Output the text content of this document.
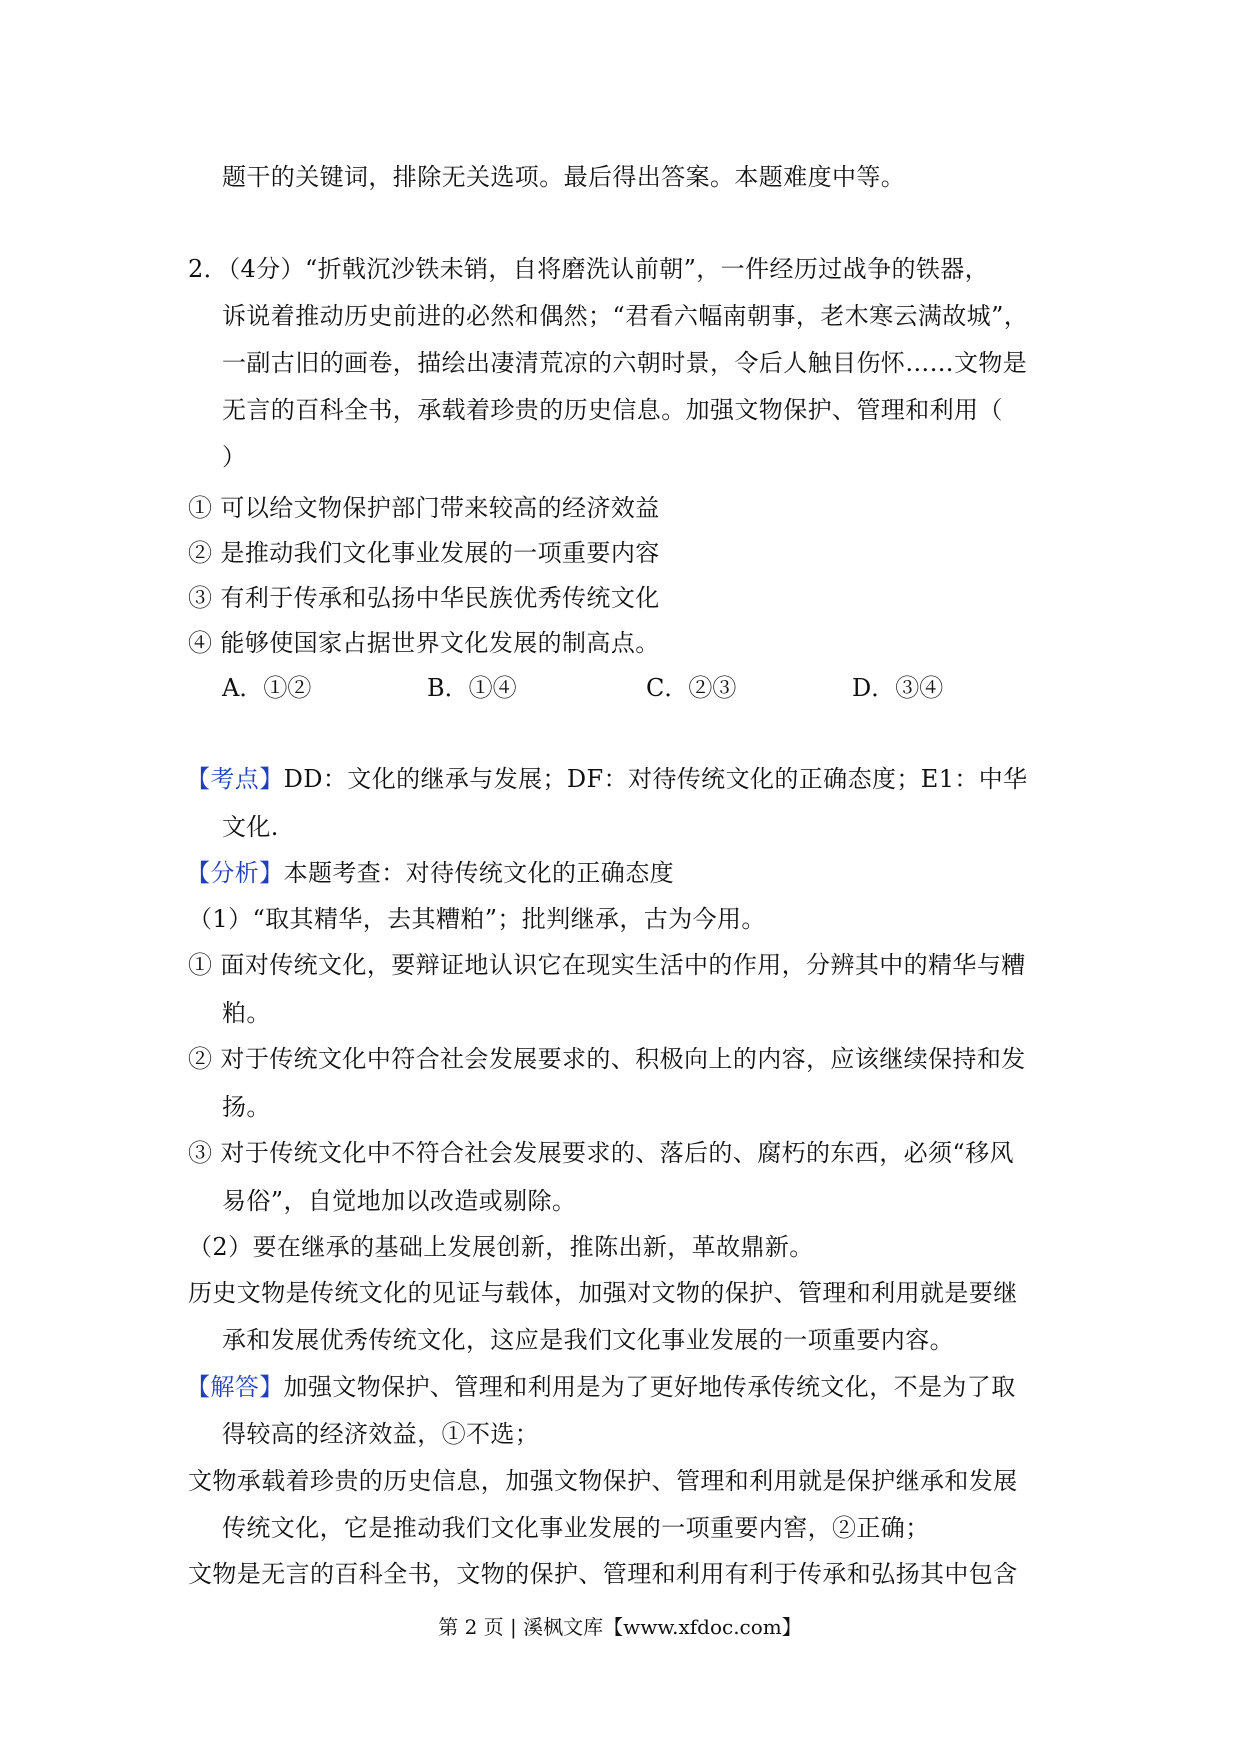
题干的关键词，排除无关选项。最后得出答案。本题难度中等。
2．（4分）“折戟沉沙铁未销，自将磨洗认前朝”，一件经历过战争的铁器，
诉说着推动历史前进的必然和偶然；“君看六幅南朝事，老木寒云满故城”，
一副古旧的画卷，描绘出凄清荒凉的六朝时景，令后人触目伤怀……文物是
无言的百科全书，承载着珍贵的历史信息。加强文物保护、管理和利用（
）
① 可以给文物保护部门带来较高的经济效益
② 是推动我们文化事业发展的一项重要内容
③ 有利于传承和弘扬中华民族优秀传统文化
④ 能够使国家占据世界文化发展的制高点。
A．①②	B．①④	C．②③	D．③④
【考点】DD：文化的继承与发展；DF：对待传统文化的正确态度；E1：中华
文化.
【分析】本题考查：对待传统文化的正确态度
（1）“取其精华，去其糟粕”；批判继承，古为今用。
① 面对传统文化，要辩证地认识它在现实生活中的作用，分辨其中的精华与糟
粕。
② 对于传统文化中符合社会发展要求的、积极向上的内容，应该继续保持和发
扬。
③ 对于传统文化中不符合社会发展要求的、落后的、腐朽的东西，必须“移风
易俗”，自觉地加以改造或剔除。
（2）要在继承的基础上发展创新，推陈出新，革故鼎新。
历史文物是传统文化的见证与载体，加强对文物的保护、管理和利用就是要继
承和发展优秀传统文化，这应是我们文化事业发展的一项重要内容。
【解答】加强文物保护、管理和利用是为了更好地传承传统文化，不是为了取
得较高的经济效益，①不选；
文物承载着珍贵的历史信息，加强文物保护、管理和利用就是保护继承和发展
传统文化，它是推动我们文化事业发展的一项重要内窖，②正确；
文物是无言的百科全书，文物的保护、管理和利用有利于传承和弘扬其中包含
第 2 页 | 溪枫文库【www.xfdoc.com】
